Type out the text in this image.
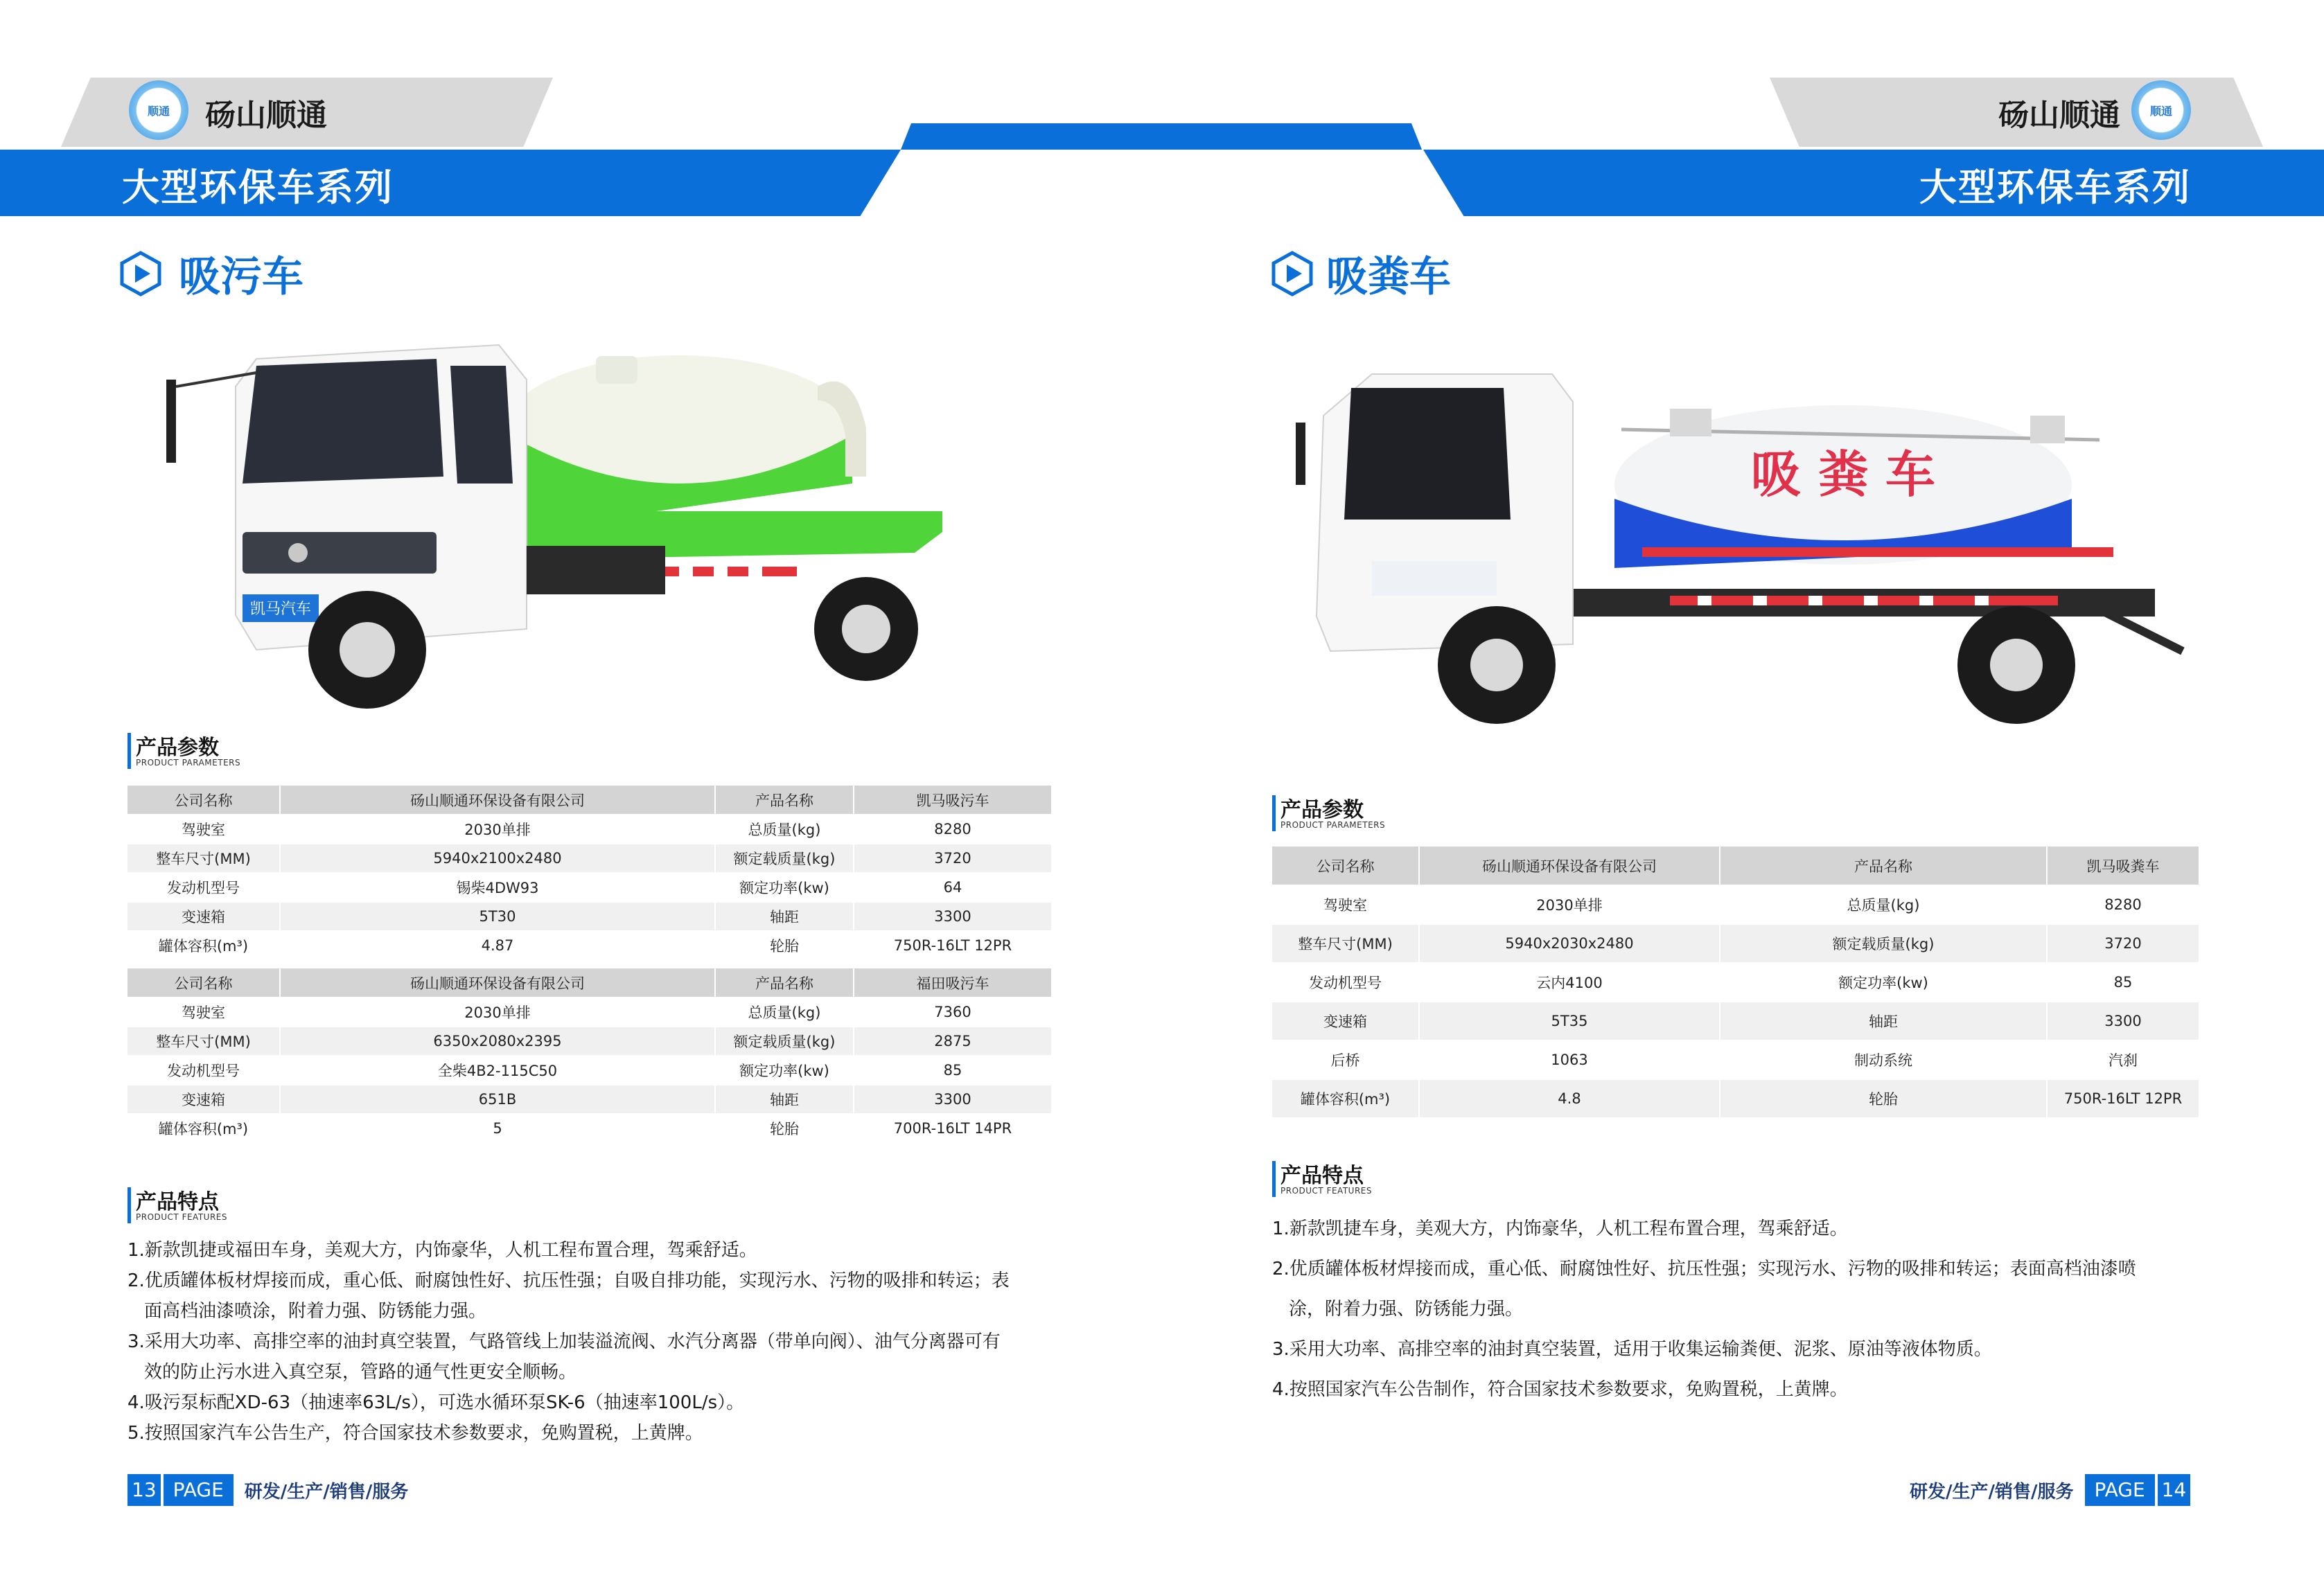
顺通 砀山顺通
大型环保车系列
砀山顺通	顺通
大型环保车系列
吸污车
凯马汽车
产品参数
PRODUCT PARAMETERS
公司名称	砀山顺通环保设备有限公司	产品名称	凯马吸污车
驾驶室	2030单排	总质量(kg)	8280
整车尺寸(MM)	5940x2100x2480	额定载质量(kg)	3720
发动机型号	锡柴4DW93	额定功率(kw)	64
变速箱	5T30	轴距	3300
罐体容积(m³)	4.87	轮胎	750R-16LT 12PR
公司名称	砀山顺通环保设备有限公司	产品名称	福田吸污车
驾驶室	2030单排	总质量(kg)	7360
整车尺寸(MM)	6350x2080x2395	额定载质量(kg)	2875
发动机型号	全柴4B2-115C50	额定功率(kw)	85
变速箱	651B	轴距	3300
罐体容积(m³)	5	轮胎	700R-16LT 14PR
产品特点
PRODUCT FEATURES

1.新款凯捷或福田车身，美观大方，内饰豪华，人机工程布置合理，驾乘舒适。

2.优质罐体板材焊接而成，重心低、耐腐蚀性好、抗压性强；自吸自排功能，实现污水、污物的吸排和转运；表

面高档油漆喷涂，附着力强、防锈能力强。

3.采用大功率、高排空率的油封真空装置，气路管线上加装溢流阀、水汽分离器（带单向阀）、油气分离器可有

效的防止污水进入真空泵，管路的通气性更安全顺畅。

4.吸污泵标配XD-63（抽速率63L/s），可选水循环泵SK-6（抽速率100L/s）。

5.按照国家汽车公告生产，符合国家技术参数要求，免购置税，上黄牌。

13 PAGE	研发/生产/销售/服务
吸粪车
吸 粪 车
产品参数
PRODUCT PARAMETERS
公司名称	砀山顺通环保设备有限公司	产品名称	凯马吸粪车
驾驶室	2030单排	总质量(kg)	8280
整车尺寸(MM)	5940x2030x2480	额定载质量(kg)	3720
发动机型号	云内4100	额定功率(kw)	85
变速箱	5T35	轴距	3300
后桥	1063	制动系统	汽刹
罐体容积(m³)	4.8	轮胎	750R-16LT 12PR
产品特点
PRODUCT FEATURES

1.新款凯捷车身，美观大方，内饰豪华，人机工程布置合理，驾乘舒适。

2.优质罐体板材焊接而成，重心低、耐腐蚀性好、抗压性强；实现污水、污物的吸排和转运；表面高档油漆喷

涂，附着力强、防锈能力强。

3.采用大功率、高排空率的油封真空装置，适用于收集运输粪便、泥浆、原油等液体物质。

4.按照国家汽车公告制作，符合国家技术参数要求，免购置税，上黄牌。

研发/生产/销售/服务	PAGE 14
